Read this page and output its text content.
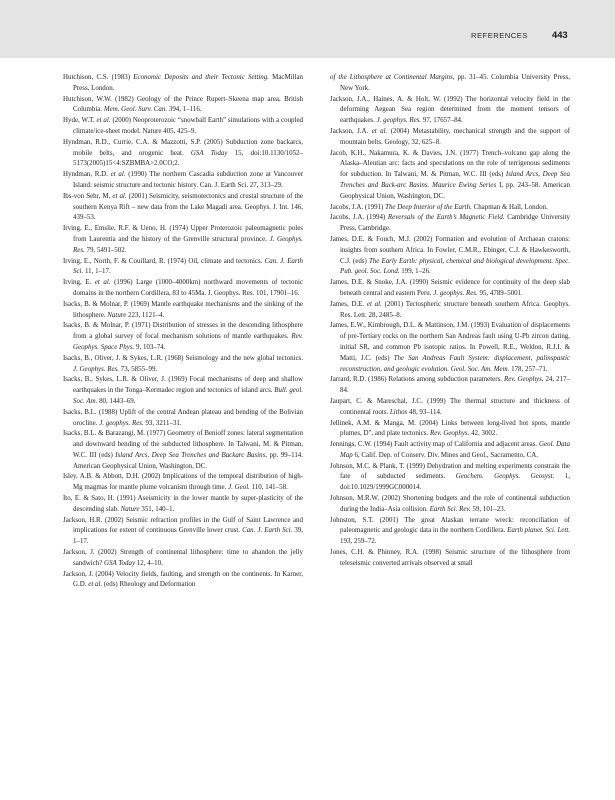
REFERENCES	443

Hutchison, C.S. (1983) Economic Deposits and their Tectonic Setting. MacMillan Press, London.

Hutchison, W.W. (1982) Geology of the Prince Rupert–Skeena map area, British Columbia. Mem. Geol. Surv. Can. 394, 1–116.

Hyde, W.T. et al. (2000) Neoproterozoic “snowball Earth” simulations with a coupled climate/ice-sheet model. Nature 405, 425–9.

Hyndman, R.D., Currie, C.A. & Mazzotti, S.P. (2005) Subduction zone backarcs, mobile belts, and orogenic heat. GSA Today 15, doi:10.1130/1052–5173(2005)15<4:SZBMBA>2.0CO;2.

Hyndman, R.D. et al. (1990) The northern Cascadia subduction zone at Vancouver Island: seismic structure and tectonic history. Can. J. Earth Sci. 27, 313–29.

Ibs-von Sehr, M. et al. (2001) Seismicity, seismotectonics and crustal structure of the southern Kenya Rift – new data from the Lake Magadi area. Geophys. J. Int. 146, 439–53.

Irving, E., Emslie, R.F. & Ueno, H. (1974) Upper Proterozoic paleomagnetic poles from Laurentia and the history of the Grenville structural province. J. Geophys. Res. 79, 5491–502.

Irving, E., North, F. & Couillard, R. (1974) Oil, climate and tectonics. Can. J. Earth Sci. 11, 1–17.

Irving, E. et al. (1996) Large (1000–4000km) northward movements of tectonic domains in the northern Cordillera, 83 to 45Ma. J. Geophys. Res. 101, 17901–16.

Isacks, B. & Molnar, P. (1969) Mantle earthquake mechanisms and the sinking of the lithosphere. Nature 223, 1121–4.

Isacks, B. & Molnar, P. (1971) Distribution of stresses in the descending lithosphere from a global survey of focal mechanism solutions of mantle earthquakes. Rev. Geophys. Space Phys. 9, 103–74.

Isacks, B., Oliver, J. & Sykes, L.R. (1968) Seismology and the new global tectonics. J. Geophys. Res. 73, 5855–99.

Isacks, B., Sykes, L.R. & Oliver, J. (1969) Focal mechanisms of deep and shallow earthquakes in the Tonga–Kermadec region and tectonics of island arcs. Bull. geol. Soc. Am. 80, 1443–69.

Isacks, B.L. (1988) Uplift of the central Andean plateau and bending of the Bolivian orocline. J. geophys. Res. 93, 3211–31.

Isacks, B.L. & Barazangi, M. (1977) Geometry of Benioff zones: lateral segmentation and downward bending of the subducted lithosphere. In Talwani, M. & Pitman, W.C. III (eds) Island Arcs, Deep Sea Trenches and Backarc Basins, pp. 99–114. American Geophysical Union, Washington, DC.

Isley, A.B. & Abbott, D.H. (2002) Implications of the temporal distribution of high-Mg magmas for mantle plume volcanism through time. J. Geol. 110, 141–58.

Ito, E. & Sato, H. (1991) Aseismicity in the lower mantle by super-plasticity of the descending slab. Nature 351, 140–1.

Jackson, H.R. (2002) Seismic refraction profiles in the Gulf of Saint Lawrence and implications for extent of continuous Grenville lower crust. Can. J. Earth Sci. 39, 1–17.

Jackson, J. (2002) Strength of continental lithosphere: time to abandon the jelly sandwich? GSA Today 12, 4–10.

Jackson, J. (2004) Velocity fields, faulting, and strength on the continents. In Karner, G.D. et al. (eds) Rheology and Deformation

of the Lithosphere at Continental Margins, pp. 31–45. Columbia University Press, New York.

Jackson, J.A., Haines, A. & Holt, W. (1992) The horizontal velocity field in the deforming Aegean Sea region determined from the moment tensors of earthquakes. J. geophys. Res. 97, 17657–84.

Jackson, J.A. et al. (2004) Metastability, mechanical strength and the support of mountain belts. Geology, 32, 625–8.

Jacob, K.H., Nakamura, K. & Davies, J.N. (1977) Trench–volcano gap along the Alaska–Aleutian arc: facts and speculations on the role of terrigenous sediments for subduction. In Talwani, M. & Pitman, W.C. III (eds) Island Arcs, Deep Sea Trenches and Back-arc Basins. Maurice Ewing Series I, pp. 243–58. American Geophysical Union, Washington, DC.

Jacobs, J.A. (1991) The Deep Interior of the Earth. Chapman & Hall, London.

Jacobs, J.A. (1994) Reversals of the Earth’s Magnetic Field. Cambridge University Press, Cambridge.

James, D.E. & Fouch, M.J. (2002) Formation and evolution of Archaean cratons: insights from southern Africa. In Fowler, C.M.R., Ebinger, C.J. & Hawkesworth, C.J. (eds) The Early Earth: physical, chemical and biological development. Spec. Pub. geol. Soc. Lond. 199, 1–26.

James, D.E. & Snoke, J.A. (1990) Seismic evidence for continuity of the deep slab beneath central and eastern Peru. J. geophys. Res. 95, 4789–5001.

James, D.E. et al. (2001) Tectospheric structure beneath southern Africa. Geophys. Res. Lett. 28, 2485–8.

James, E.W., Kimbrough, D.L. & Mattinson, J.M. (1993) Evaluation of displacements of pre-Tertiary rocks on the northern San Andreas fault using U-Pb zircon dating, initial SR, and common Pb isotopic ratios. In Powell, R.E., Weldon, R.J.I. & Matti, J.C. (eds) The San Andreas Fault System: displacement, palinspastic reconstruction, and geologic evolution. Geol. Soc. Am. Mem. 178, 257–71.

Jarrard, R.D. (1986) Relations among subduction parameters. Rev. Geophys. 24, 217–84.

Jaupart, C. & Mareschal, J.C. (1999) The thermal structure and thickness of continental roots. Lithos 48, 93–114.

Jellinek, A.M. & Manga, M. (2004) Links between long-lived hot spots, mantle plumes, D″, and plate tectonics. Rev. Geophys. 42, 3002.

Jennings, C.W. (1994) Fault activity map of California and adjacent areas. Geol. Data Map 6, Calif. Dep. of Conserv. Div. Mines and Geol., Sacramento, CA.

Johnson, M.C. & Plank, T. (1999) Dehydration and melting experiments constrain the fate of subducted sediments. Geochem. Geophys. Geosyst. 1, doi:10.1029/1999GC000014.

Johnson, M.R.W. (2002) Shortening budgets and the role of continental subduction during the India–Asia collision. Earth Sci. Rev. 59, 101–23.

Johnston, S.T. (2001) The great Alaskan terrane wreck: reconciliation of paleomagnetic and geologic data in the northern Cordillera. Earth planet. Sci. Lett. 193, 259–72.

Jones, C.H. & Phinney, R.A. (1998) Seismic structure of the lithosphere from teleseismic converted arrivals observed at small
